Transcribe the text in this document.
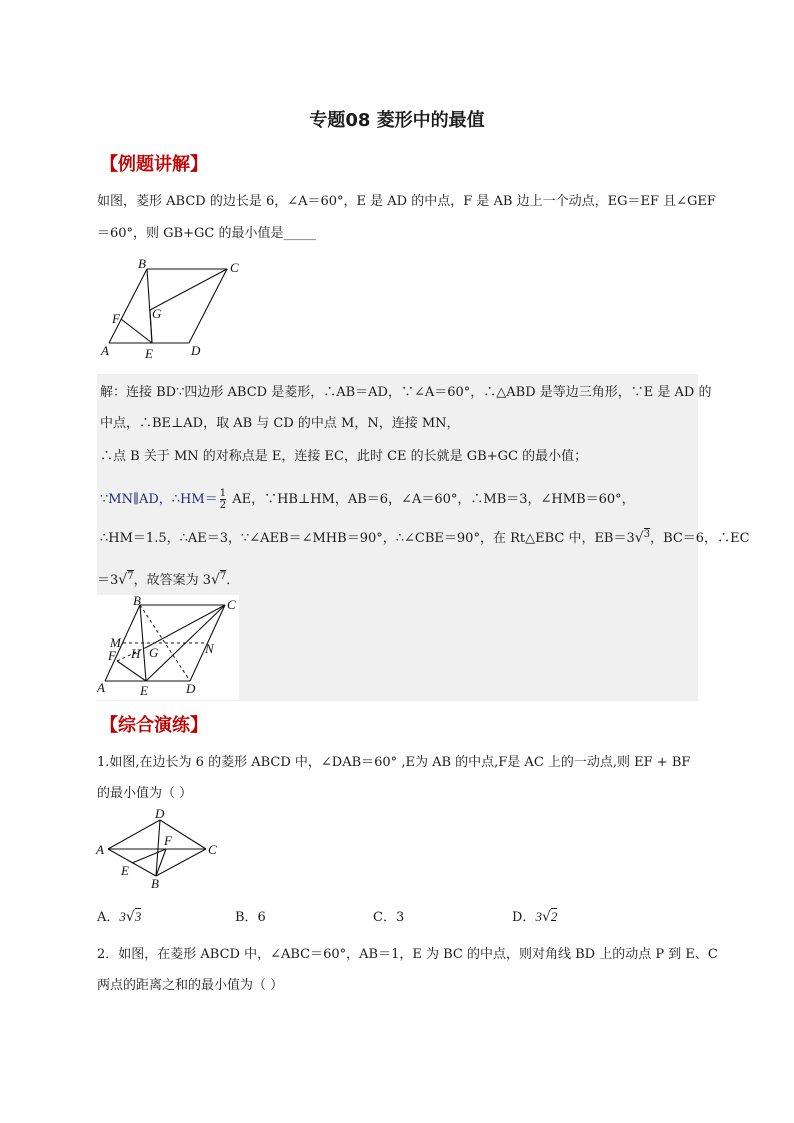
专题08 菱形中的最值
【例题讲解】
如图，菱形 ABCD 的边长是 6，∠A＝60°，E 是 AD 的中点，F 是 AB 边上一个动点，EG＝EF 且∠GEF
＝60°，则 GB+GC 的最小值是_____
B	C
F G
A	E	D
解：连接 BD∵四边形 ABCD 是菱形，∴AB＝AD，∵∠A＝60°，∴△ABD 是等边三角形，∵E 是 AD 的
中点，∴BE⊥AD，取 AB 与 CD 的中点 M，N，连接 MN，
∴点 B 关于 MN 的对称点是 E，连接 EC，此时 CE 的长就是 GB+GC 的最小值；
∵MN∥AD，∴HM＝ $\frac{1}{2}$ AE，∵HB⊥HM，AB＝6，∠A＝60°，∴MB＝3，∠HMB＝60°，
∴HM＝1.5，∴AE＝3，∵∠AEB＝∠MHB＝90°，∴∠CBE＝90°，在 Rt△EBC 中，EB＝3√$^3$，BC＝6，∴EC
＝3√$^7$，故答案为 3√$^7$．
B	C
M
F H G	N
A	E	D
【综合演练】
1.如图,在边长为 6 的菱形 ABCD 中，∠DAB＝60° ,E为 AB 的中点,F是 AC 上的一动点,则 EF + BF
的最小值为（ ）
D
A
F
C
E
B
A．3√3	B．6	C．3	D．3√2
2．如图，在菱形 ABCD 中，∠ABC＝60°，AB＝1，E 为 BC 的中点，则对角线 BD 上的动点 P 到 E、C
两点的距离之和的最小值为（ ）
